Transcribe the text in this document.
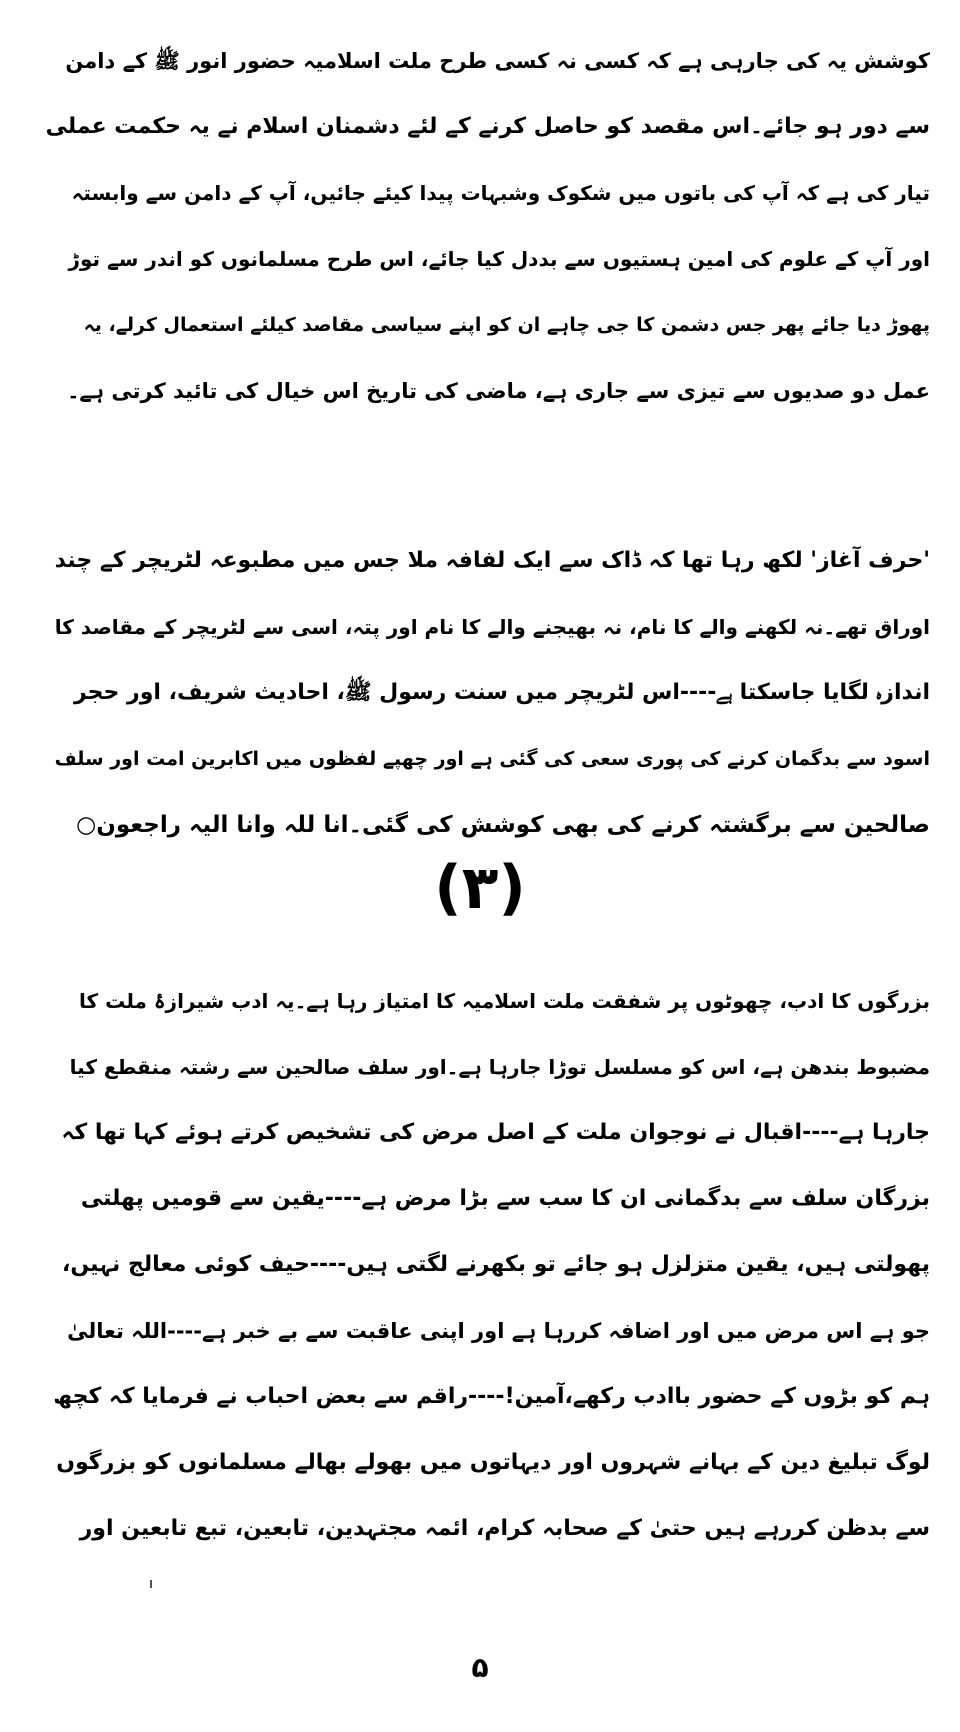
کوشش یہ کی جارہی ہے کہ کسی نہ کسی طرح ملت اسلامیہ حضور انور ﷺ کے دامن
سے دور ہو جائے۔اس مقصد کو حاصل کرنے کے لئے دشمنان اسلام نے یہ حکمت عملی
تیار کی ہے کہ آپ کی باتوں میں شکوک وشبہات پیدا کیئے جائیں، آپ کے دامن سے وابستہ
اور آپ کے علوم کی امین ہستیوں سے بددل کیا جائے، اس طرح مسلمانوں کو اندر سے توڑ
پھوڑ دیا جائے پھر جس دشمن کا جی چاہے ان کو اپنے سیاسی مقاصد کیلئے استعمال کرلے، یہ
عمل دو صدیوں سے تیزی سے جاری ہے، ماضی کی تاریخ اس خیال کی تائید کرتی ہے۔
'حرف آغاز' لکھ رہا تھا کہ ڈاک سے ایک لفافہ ملا جس میں مطبوعہ لٹریچر کے چند
اوراق تھے۔نہ لکھنے والے کا نام، نہ بھیجنے والے کا نام اور پتہ، اسی سے لٹریچر کے مقاصد کا
اندازہ لگایا جاسکتا ہے----اس لٹریچر میں سنت رسول ﷺ، احادیث شریف، اور حجر
اسود سے بدگمان کرنے کی پوری سعی کی گئی ہے اور چھپے لفظوں میں اکابرین امت اور سلف
صالحین سے برگشتہ کرنے کی بھی کوشش کی گئی۔انا للہ وانا الیہ راجعون○
(۳)
بزرگوں کا ادب، چھوٹوں پر شفقت ملت اسلامیہ کا امتیاز رہا ہے۔یہ ادب شیرازۂ ملت کا
مضبوط بندھن ہے، اس کو مسلسل توڑا جارہا ہے۔اور سلف صالحین سے رشتہ منقطع کیا
جارہا ہے----اقبال نے نوجوان ملت کے اصل مرض کی تشخیص کرتے ہوئے کہا تھا کہ
بزرگان سلف سے بدگمانی ان کا سب سے بڑا مرض ہے----یقین سے قومیں پھلتی
پھولتی ہیں، یقین متزلزل ہو جائے تو بکھرنے لگتی ہیں----حیف کوئی معالج نہیں،
جو ہے اس مرض میں اور اضافہ کررہا ہے اور اپنی عاقبت سے بے خبر ہے----اللہ تعالیٰ
ہم کو بڑوں کے حضور باادب رکھے،آمین!----راقم سے بعض احباب نے فرمایا کہ کچھ
لوگ تبلیغ دین کے بہانے شہروں اور دیہاتوں میں بھولے بھالے مسلمانوں کو بزرگوں
سے بدظن کررہے ہیں حتیٰ کے صحابہ کرام، ائمہ مجتہدین، تابعین، تبع تابعین اور
۵
